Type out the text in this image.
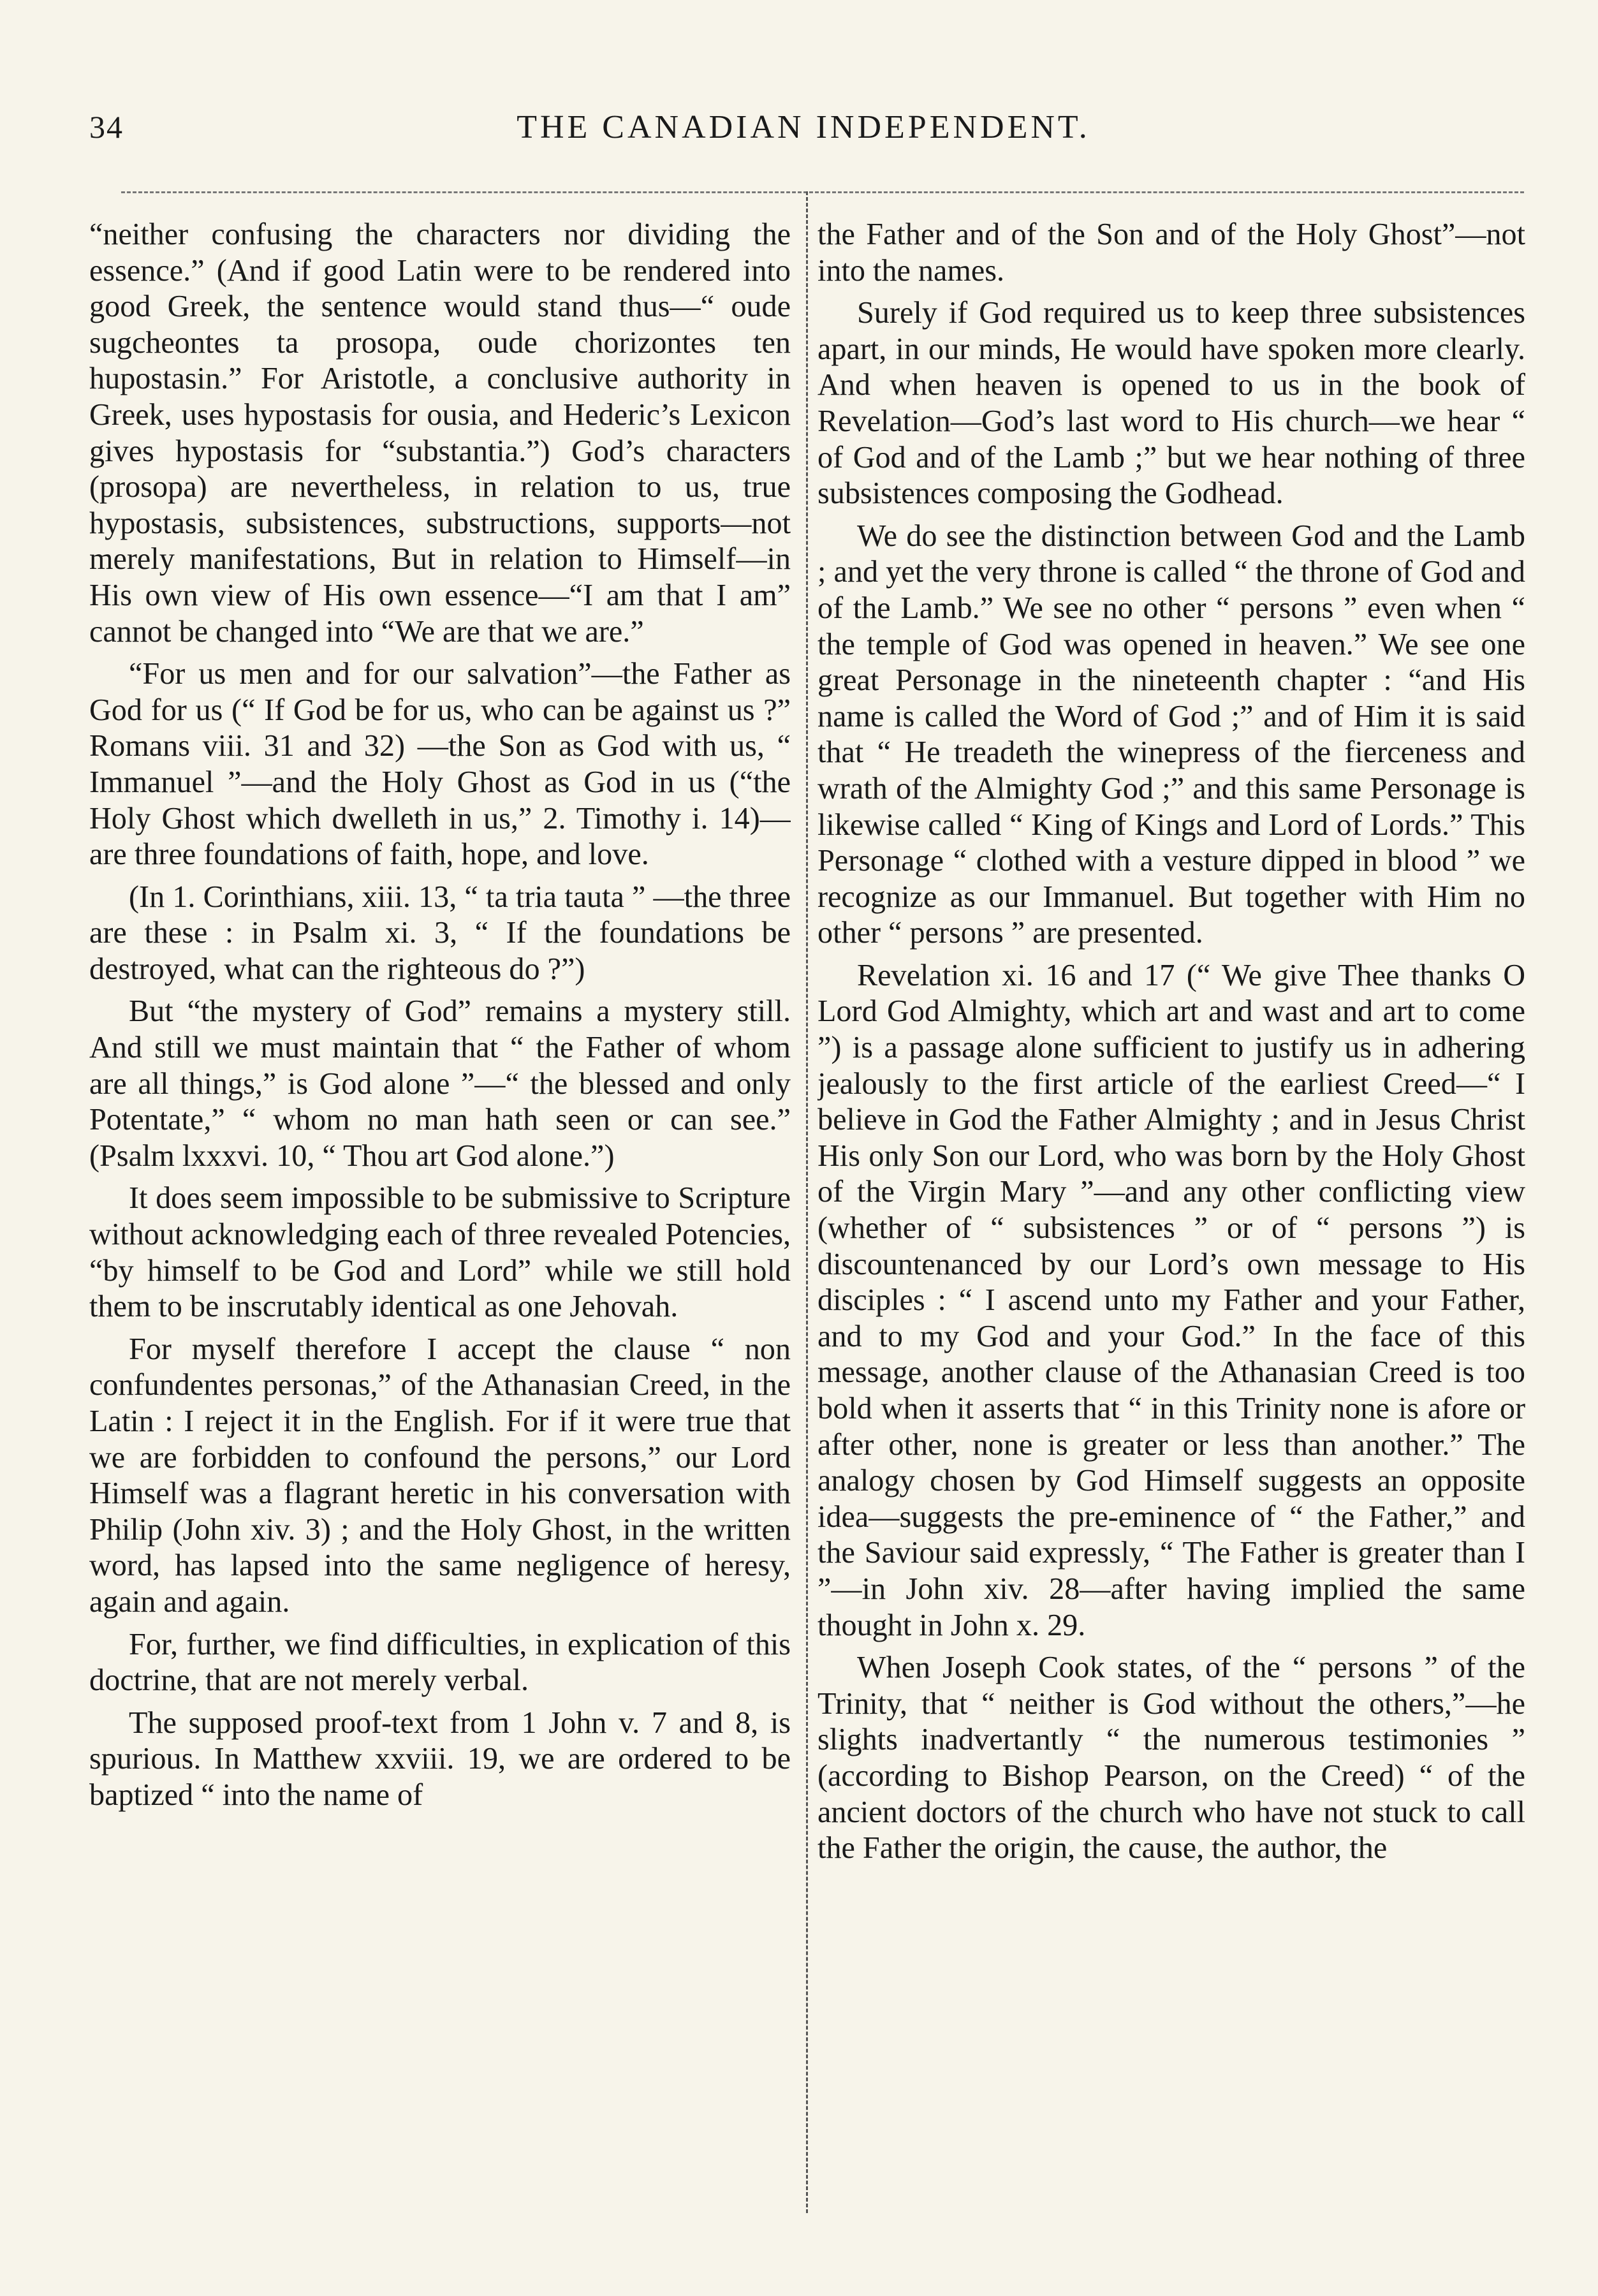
34	THE CANADIAN INDEPENDENT.

“neither confusing the characters nor dividing the essence.” (And if good Latin were to be rendered into good Greek, the sentence would stand thus—“ oude sugcheontes ta prosopa, oude chorizontes ten hupostasin.” For Aristotle, a conclusive authority in Greek, uses hypostasis for ousia, and Hederic’s Lexicon gives hypostasis for “substantia.”) God’s characters (prosopa) are nevertheless, in relation to us, true hypostasis, subsistences, substructions, supports—not merely manifestations, But in relation to Himself—in His own view of His own essence—“I am that I am” cannot be changed into “We are that we are.”

“For us men and for our salvation”—the Father as God for us (“ If God be for us, who can be against us ?” Romans viii. 31 and 32) —the Son as God with us, “ Immanuel ”—and the Holy Ghost as God in us (“the Holy Ghost which dwelleth in us,” 2. Timothy i. 14)—are three foundations of faith, hope, and love.

(In 1. Corinthians, xiii. 13, “ ta tria tauta ” —the three are these : in Psalm xi. 3, “ If the foundations be destroyed, what can the righteous do ?”)

But “the mystery of God” remains a mystery still. And still we must maintain that “ the Father of whom are all things,” is God alone ”—“ the blessed and only Potentate,” “ whom no man hath seen or can see.” (Psalm lxxxvi. 10, “ Thou art God alone.”)

It does seem impossible to be submissive to Scripture without acknowledging each of three revealed Potencies, “by himself to be God and Lord” while we still hold them to be inscrutably identical as one Jehovah.

For myself therefore I accept the clause “ non confundentes personas,” of the Athanasian Creed, in the Latin : I reject it in the English. For if it were true that we are forbidden to confound the persons,” our Lord Himself was a flagrant heretic in his conversation with Philip (John xiv. 3) ; and the Holy Ghost, in the written word, has lapsed into the same negligence of heresy, again and again.

For, further, we find difficulties, in explication of this doctrine, that are not merely verbal.

The supposed proof-text from 1 John v. 7 and 8, is spurious. In Matthew xxviii. 19, we are ordered to be baptized “ into the name of

the Father and of the Son and of the Holy Ghost”—not into the names.

Surely if God required us to keep three subsistences apart, in our minds, He would have spoken more clearly. And when heaven is opened to us in the book of Revelation—God’s last word to His church—we hear “ of God and of the Lamb ;” but we hear nothing of three subsistences composing the Godhead.

We do see the distinction between God and the Lamb ; and yet the very throne is called “ the throne of God and of the Lamb.” We see no other “ persons ” even when “ the temple of God was opened in heaven.” We see one great Personage in the nineteenth chapter : “and His name is called the Word of God ;” and of Him it is said that “ He treadeth the winepress of the fierceness and wrath of the Almighty God ;” and this same Personage is likewise called “ King of Kings and Lord of Lords.” This Personage “ clothed with a vesture dipped in blood ” we recognize as our Immanuel. But together with Him no other “ persons ” are presented.

Revelation xi. 16 and 17 (“ We give Thee thanks O Lord God Almighty, which art and wast and art to come ”) is a passage alone sufficient to justify us in adhering jealously to the first article of the earliest Creed—“ I believe in God the Father Almighty ; and in Jesus Christ His only Son our Lord, who was born by the Holy Ghost of the Virgin Mary ”—and any other conflicting view (whether of “ subsistences ” or of “ persons ”) is discountenanced by our Lord’s own message to His disciples : “ I ascend unto my Father and your Father, and to my God and your God.” In the face of this message, another clause of the Athanasian Creed is too bold when it asserts that “ in this Trinity none is afore or after other, none is greater or less than another.” The analogy chosen by God Himself suggests an opposite idea—suggests the pre-eminence of “ the Father,” and the Saviour said expressly, “ The Father is greater than I ”—in John xiv. 28—after having implied the same thought in John x. 29.

When Joseph Cook states, of the “ persons ” of the Trinity, that “ neither is God without the others,”—he slights inadvertantly “ the numerous testimonies ” (according to Bishop Pearson, on the Creed) “ of the ancient doctors of the church who have not stuck to call the Father the origin, the cause, the author, the
